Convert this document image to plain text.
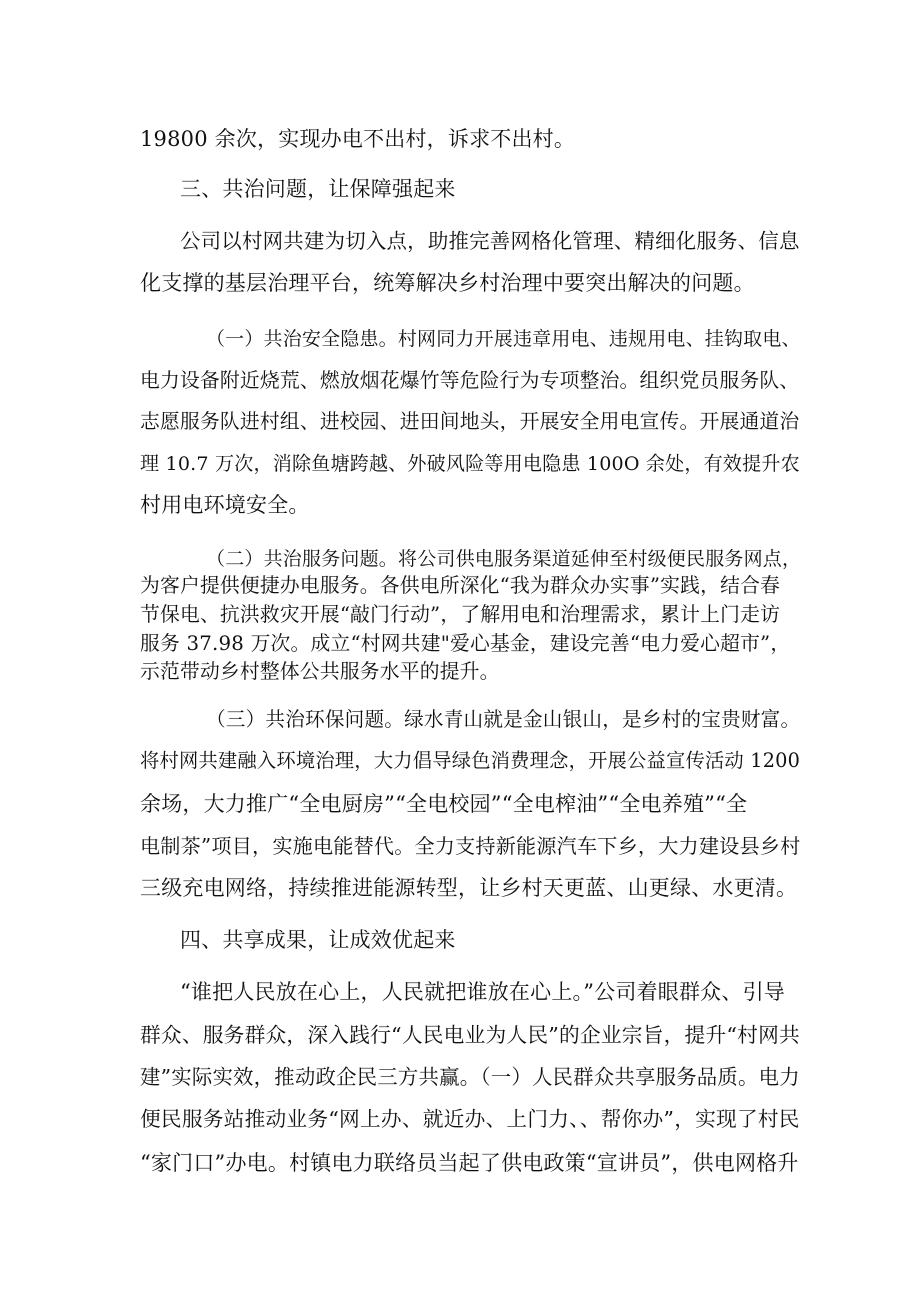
19800 余次，实现办电不出村，诉求不出村。
三、共治问题，让保障强起来
公司以村网共建为切入点，助推完善网格化管理、精细化服务、信息
化支撑的基层治理平台，统筹解决乡村治理中要突出解决的问题。
（一）共治安全隐患。村网同力开展违章用电、违规用电、挂钩取电、
电力设备附近烧荒、燃放烟花爆竹等危险行为专项整治。组织党员服务队、
志愿服务队进村组、进校园、进田间地头，开展安全用电宣传。开展通道治
理 10.7 万次，消除鱼塘跨越、外破风险等用电隐患 100O 余处，有效提升农
村用电环境安全。
（二）共治服务问题。将公司供电服务渠道延伸至村级便民服务网点，
为客户提供便捷办电服务。各供电所深化“我为群众办实事”实践，结合春
节保电、抗洪救灾开展“敲门行动”，了解用电和治理需求，累计上门走访
服务 37.98 万次。成立“村网共建"爱心基金，建设完善“电力爱心超市”，
示范带动乡村整体公共服务水平的提升。
（三）共治环保问题。绿水青山就是金山银山，是乡村的宝贵财富。
将村网共建融入环境治理，大力倡导绿色消费理念，开展公益宣传活动 1200
余场，大力推广“全电厨房”“全电校园”“全电榨油”“全电养殖”“全
电制茶”项目，实施电能替代。全力支持新能源汽车下乡，大力建设县乡村
三级充电网络，持续推进能源转型，让乡村天更蓝、山更绿、水更清。
四、共享成果，让成效优起来
“谁把人民放在心上，人民就把谁放在心上。”公司着眼群众、引导
群众、服务群众，深入践行“人民电业为人民”的企业宗旨，提升“村网共
建”实际实效，推动政企民三方共赢。（一）人民群众共享服务品质。电力
便民服务站推动业务“网上办、就近办、上门力、、帮你办”，实现了村民
“家门口”办电。村镇电力联络员当起了供电政策“宣讲员”，供电网格升
